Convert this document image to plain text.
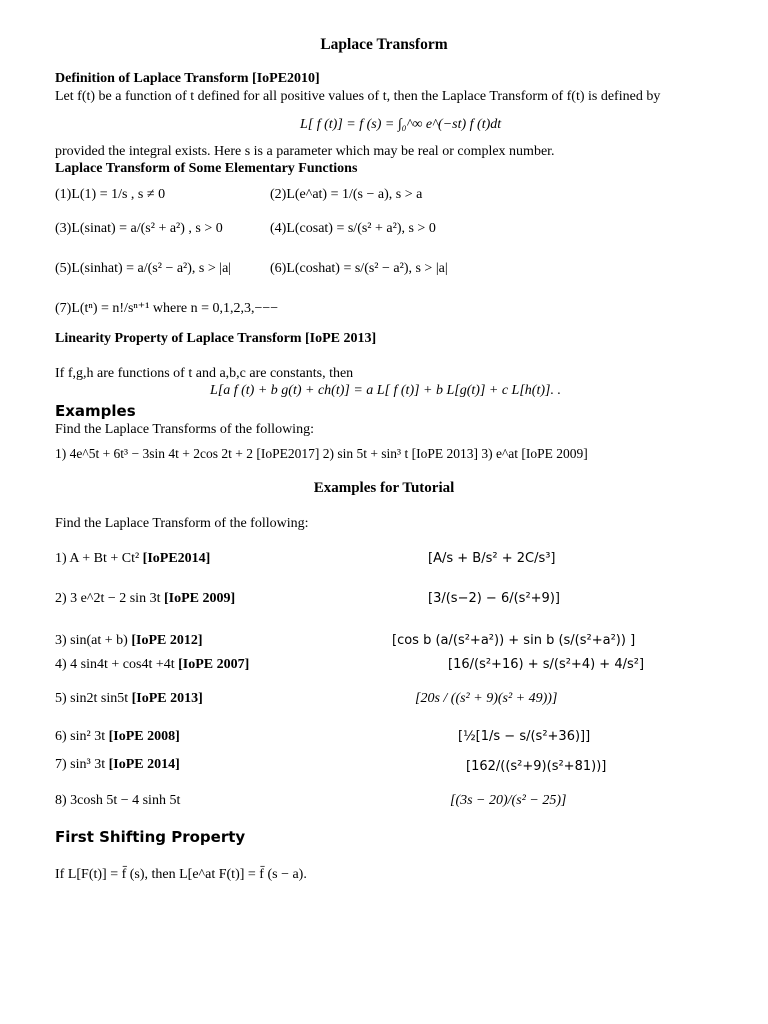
Laplace Transform
Definition of Laplace Transform [IoPE2010]
Let f(t) be a function of t defined for all positive values of t, then the Laplace Transform of f(t) is defined by
L[ f (t)] = f (s) = ∫₀^∞ e^(−st) f (t)dt
provided the integral exists. Here s is a parameter which may be real or complex number.
Laplace Transform of Some Elementary Functions
(1)L(1) = 1/s , s ≠ 0	(2)L(e^at) = 1/(s − a), s > a
(3)L(sinat) = a/(s² + a²) , s > 0	(4)L(cosat) = s/(s² + a²), s > 0
(5)L(sinhat) = a/(s² − a²), s > |a|	(6)L(coshat) = s/(s² − a²), s > |a|
(7)L(tⁿ) = n!/sⁿ⁺¹ where n = 0,1,2,3,−−−
Linearity Property of Laplace Transform [IoPE 2013]
If f,g,h are functions of t and a,b,c are constants, then
L[a f (t) + b g(t) + ch(t)] = a L[ f (t)] + b L[g(t)] + c L[h(t)]. .
Examples
Find the Laplace Transforms of the following:
1) 4e^5t + 6t³ − 3sin 4t + 2cos 2t + 2 [IoPE2017] 2) sin 5t + sin³ t [IoPE 2013] 3) e^at [IoPE 2009]
Examples for Tutorial
Find the Laplace Transform of the following:
1) A + Bt + Ct² [IoPE2014]	[A/s + B/s² + 2C/s³]
2) 3 e^2t − 2 sin 3t [IoPE 2009]	[3/(s−2) − 6/(s²+9)]
3) sin(at + b) [IoPE 2012]	[cos b (a/(s²+a²)) + sin b (s/(s²+a²)) ]
4) 4 sin4t + cos4t +4t [IoPE 2007]	[16/(s²+16) + s/(s²+4) + 4/s²]
5) sin2t sin5t [IoPE 2013]	[20s / ((s² + 9)(s² + 49))]
6) sin² 3t [IoPE 2008]	[½[1/s − s/(s²+36)]]
7) sin³ 3t [IoPE 2014]	[162/((s²+9)(s²+81))]
8) 3cosh 5t − 4 sinh 5t	[(3s − 20)/(s² − 25)]
First Shifting Property
If L[F(t)] = f̄ (s), then L[e^at F(t)] = f̄ (s − a).
